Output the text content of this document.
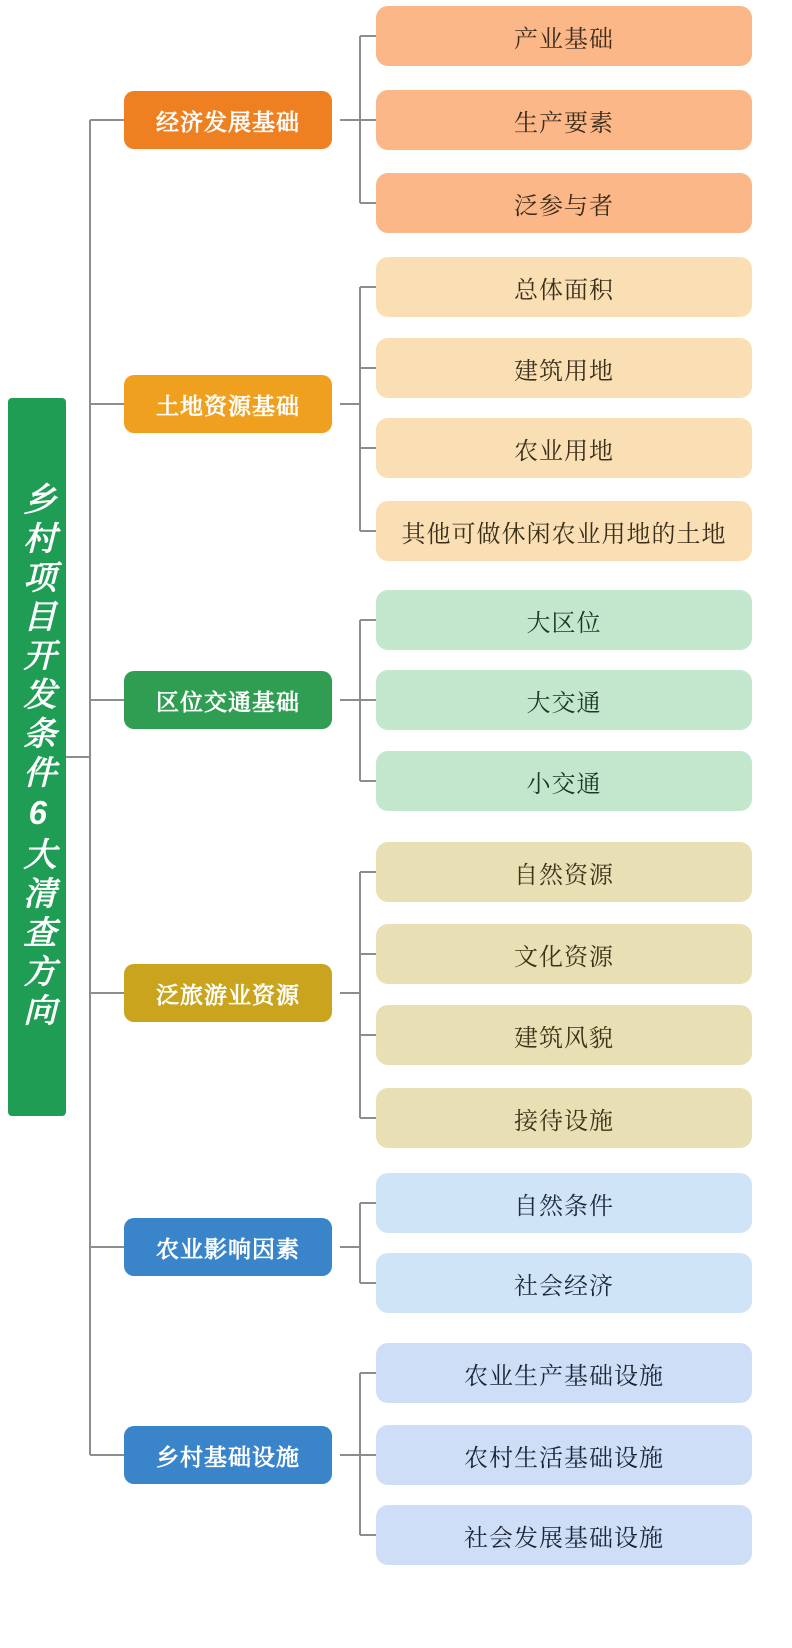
乡村项目开发条件6大清查方向
经济发展基础
产业基础
生产要素
泛参与者
土地资源基础
总体面积
建筑用地
农业用地
其他可做休闲农业用地的土地
区位交通基础
大区位
大交通
小交通
泛旅游业资源
自然资源
文化资源
建筑风貌
接待设施
农业影响因素
自然条件
社会经济
乡村基础设施
农业生产基础设施
农村生活基础设施
社会发展基础设施
